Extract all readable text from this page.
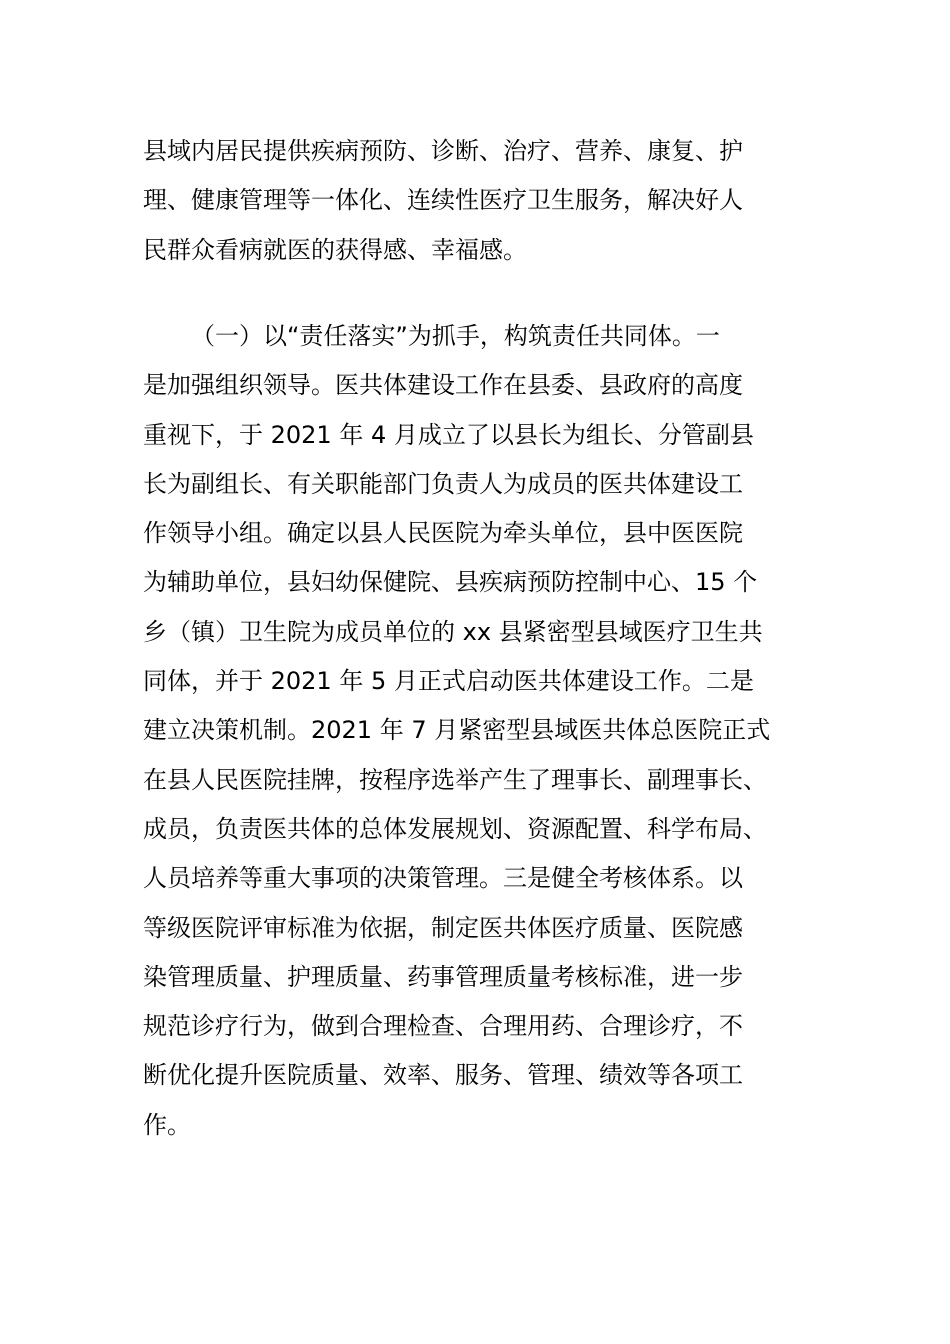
县域内居民提供疾病预防、诊断、治疗、营养、康复、护
理、健康管理等一体化、连续性医疗卫生服务，解决好人
民群众看病就医的获得感、幸福感。
（一）以“责任落实”为抓手，构筑责任共同体。一
是加强组织领导。医共体建设工作在县委、县政府的高度
重视下，于 2021 年 4 月成立了以县长为组长、分管副县
长为副组长、有关职能部门负责人为成员的医共体建设工
作领导小组。确定以县人民医院为牵头单位，县中医医院
为辅助单位，县妇幼保健院、县疾病预防控制中心、15 个
乡（镇）卫生院为成员单位的 xx 县紧密型县域医疗卫生共
同体，并于 2021 年 5 月正式启动医共体建设工作。二是
建立决策机制。2021 年 7 月紧密型县域医共体总医院正式
在县人民医院挂牌，按程序选举产生了理事长、副理事长、
成员，负责医共体的总体发展规划、资源配置、科学布局、
人员培养等重大事项的决策管理。三是健全考核体系。以
等级医院评审标准为依据，制定医共体医疗质量、医院感
染管理质量、护理质量、药事管理质量考核标准，进一步
规范诊疗行为，做到合理检查、合理用药、合理诊疗，不
断优化提升医院质量、效率、服务、管理、绩效等各项工
作。
